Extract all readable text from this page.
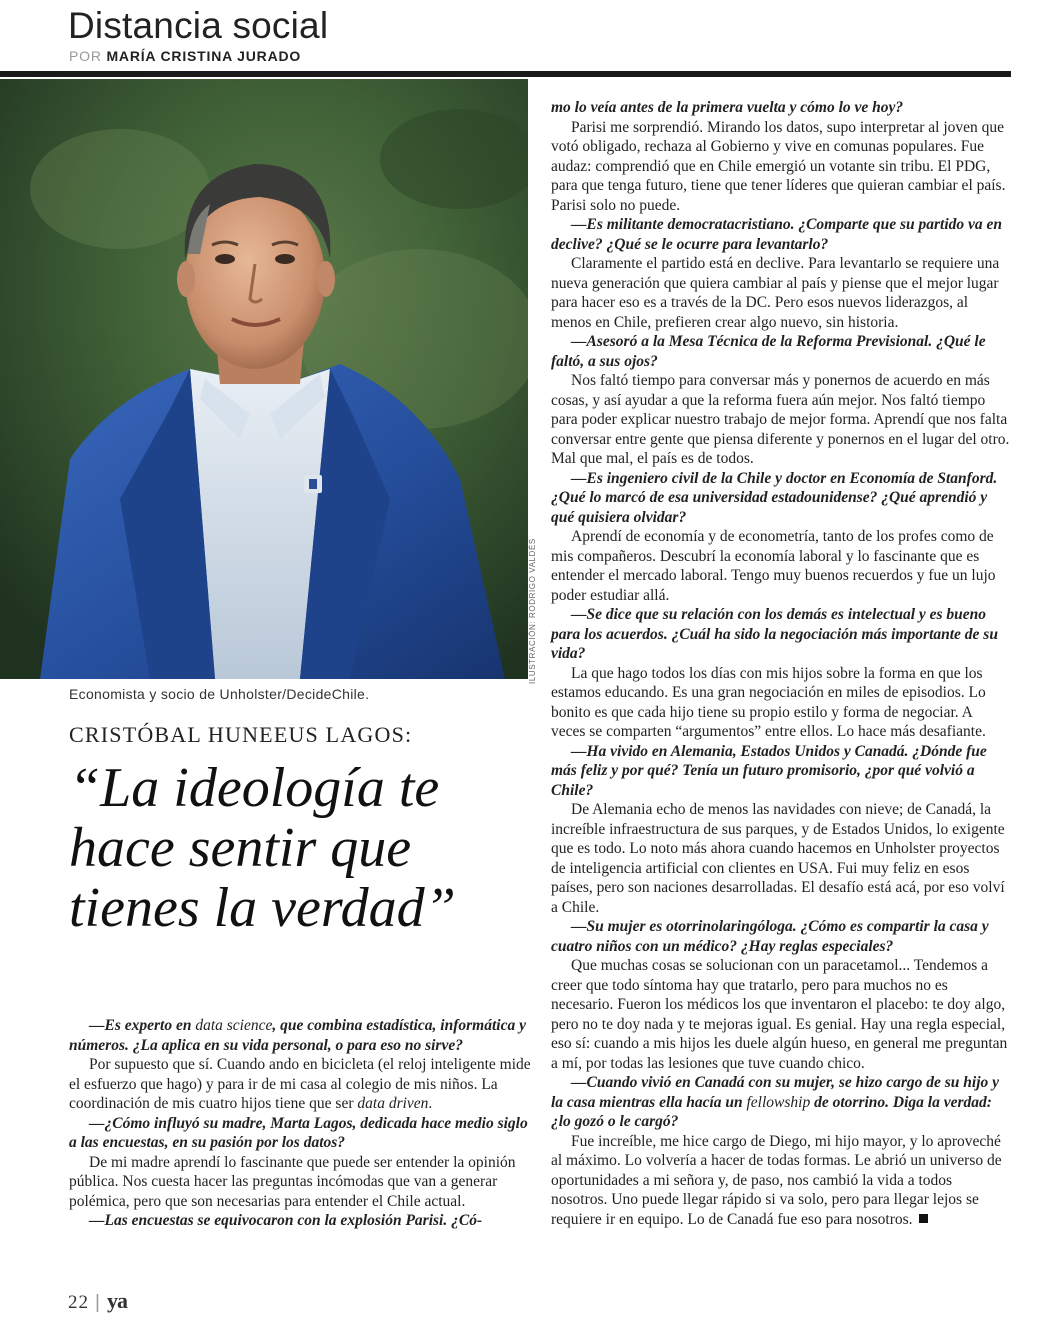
Distancia social
POR MARÍA CRISTINA JURADO
ILUSTRACIÓN: RODRIGO VALDÉS
Economista y socio de Unholster/DecideChile.
CRISTÓBAL HUNEEUS LAGOS:
“La ideología te hace sentir que tienes la verdad”

—Es experto en data science, que combina estadística, informática y números. ¿La aplica en su vida personal, o para eso no sirve?

Por supuesto que sí. Cuando ando en bicicleta (el reloj inteligente mide el esfuerzo que hago) y para ir de mi casa al colegio de mis niños. La coordinación de mis cuatro hijos tiene que ser data driven.

—¿Cómo influyó su madre, Marta Lagos, dedicada hace medio siglo a las encuestas, en su pasión por los datos?

De mi madre aprendí lo fascinante que puede ser entender la opinión pública. Nos cuesta hacer las preguntas incómodas que van a generar polémica, pero que son necesarias para entender el Chile actual.

—Las encuestas se equivocaron con la explosión Parisi. ¿Có-

mo lo veía antes de la primera vuelta y cómo lo ve hoy?

Parisi me sorprendió. Mirando los datos, supo interpretar al joven que votó obligado, rechaza al Gobierno y vive en comunas populares. Fue audaz: comprendió que en Chile emergió un votante sin tribu. El PDG, para que tenga futuro, tiene que tener líderes que quieran cambiar el país. Parisi solo no puede.

—Es militante democratacristiano. ¿Comparte que su partido va en declive? ¿Qué se le ocurre para levantarlo?

Claramente el partido está en declive. Para levantarlo se requiere una nueva generación que quiera cambiar al país y piense que el mejor lugar para hacer eso es a través de la DC. Pero esos nuevos liderazgos, al menos en Chile, prefieren crear algo nuevo, sin historia.

—Asesoró a la Mesa Técnica de la Reforma Previsional. ¿Qué le faltó, a sus ojos?

Nos faltó tiempo para conversar más y ponernos de acuerdo en más cosas, y así ayudar a que la reforma fuera aún mejor. Nos faltó tiempo para poder explicar nuestro trabajo de mejor forma. Aprendí que nos falta conversar entre gente que piensa diferente y ponernos en el lugar del otro. Mal que mal, el país es de todos.

—Es ingeniero civil de la Chile y doctor en Economía de Stanford. ¿Qué lo marcó de esa universidad estadounidense? ¿Qué aprendió y qué quisiera olvidar?

Aprendí de economía y de econometría, tanto de los profes como de mis compañeros. Descubrí la economía laboral y lo fascinante que es entender el mercado laboral. Tengo muy buenos recuerdos y fue un lujo poder estudiar allá.

—Se dice que su relación con los demás es intelectual y es bueno para los acuerdos. ¿Cuál ha sido la negociación más importante de su vida?

La que hago todos los días con mis hijos sobre la forma en que los estamos educando. Es una gran negociación en miles de episodios. Lo bonito es que cada hijo tiene su propio estilo y forma de negociar. A veces se comparten “argumentos” entre ellos. Lo hace más desafiante.

—Ha vivido en Alemania, Estados Unidos y Canadá. ¿Dónde fue más feliz y por qué? Tenía un futuro promisorio, ¿por qué volvió a Chile?

De Alemania echo de menos las navidades con nieve; de Canadá, la increíble infraestructura de sus parques, y de Estados Unidos, lo exigente que es todo. Lo noto más ahora cuando hacemos en Unholster proyectos de inteligencia artificial con clientes en USA. Fui muy feliz en esos países, pero son naciones desarrolladas. El desafío está acá, por eso volví a Chile.

—Su mujer es otorrinolaringóloga. ¿Cómo es compartir la casa y cuatro niños con un médico? ¿Hay reglas especiales?

Que muchas cosas se solucionan con un paracetamol... Tendemos a creer que todo síntoma hay que tratarlo, pero para muchos no es necesario. Fueron los médicos los que inventaron el placebo: te doy algo, pero no te doy nada y te mejoras igual. Es genial. Hay una regla especial, eso sí: cuando a mis hijos les duele algún hueso, en general me preguntan a mí, por todas las lesiones que tuve cuando chico.

—Cuando vivió en Canadá con su mujer, se hizo cargo de su hijo y la casa mientras ella hacía un fellowship de otorrino. Diga la verdad: ¿lo gozó o le cargó?

Fue increíble, me hice cargo de Diego, mi hijo mayor, y lo aproveché al máximo. Lo volvería a hacer de todas formas. Le abrió un universo de oportunidades a mi señora y, de paso, nos cambió la vida a todos nosotros. Uno puede llegar rápido si va solo, pero para llegar lejos se requiere ir en equipo. Lo de Canadá fue eso para nosotros.

22 | ya
